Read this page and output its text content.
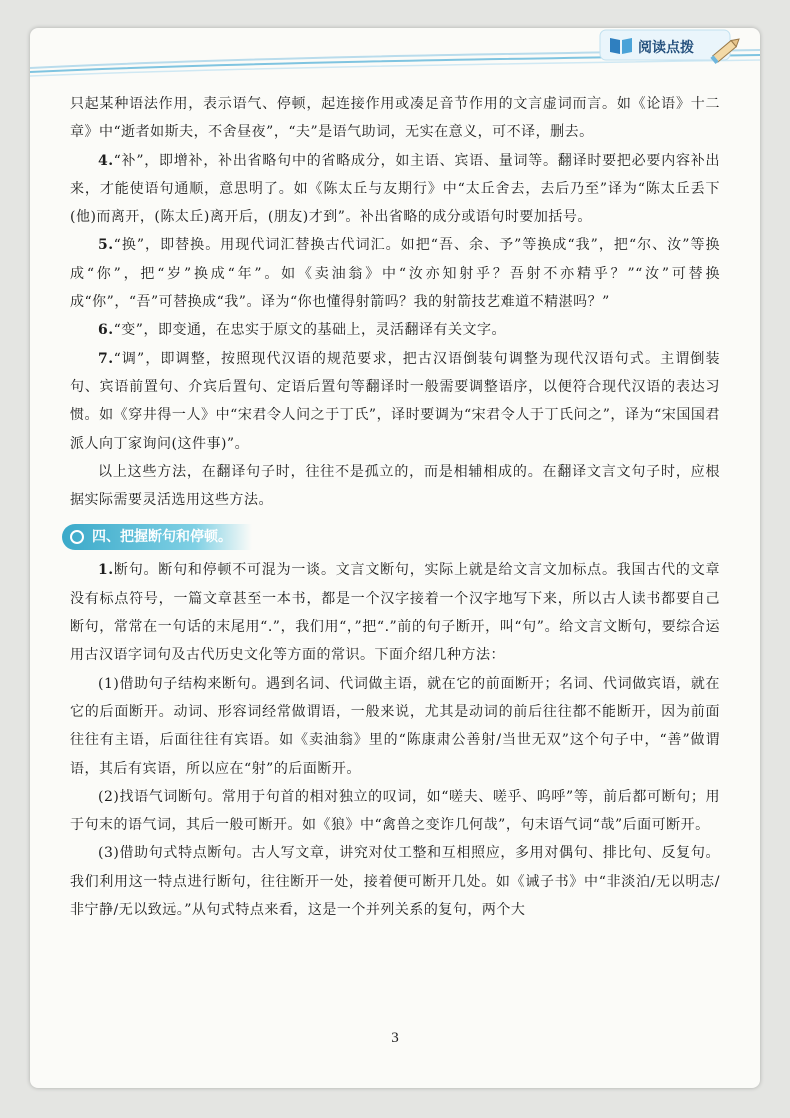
阅读点拨

只起某种语法作用，表示语气、停顿，起连接作用或凑足音节作用的文言虚词而言。如《论语》十二章》中“逝者如斯夫，不舍昼夜”，“夫”是语气助词，无实在意义，可不译，删去。

4.“补”，即增补，补出省略句中的省略成分，如主语、宾语、量词等。翻译时要把必要内容补出来，才能使语句通顺，意思明了。如《陈太丘与友期行》中“太丘舍去，去后乃至”译为“陈太丘丢下(他)而离开，(陈太丘)离开后，(朋友)才到”。补出省略的成分或语句时要加括号。

5.“换”，即替换。用现代词汇替换古代词汇。如把“吾、余、予”等换成“我”，把“尔、汝”等换成“你”，把“岁”换成“年”。如《卖油翁》中“汝亦知射乎？吾射不亦精乎？”“汝”可替换成“你”，“吾”可替换成“我”。译为“你也懂得射箭吗？我的射箭技艺难道不精湛吗？”

6.“变”，即变通，在忠实于原文的基础上，灵活翻译有关文字。

7.“调”，即调整，按照现代汉语的规范要求，把古汉语倒装句调整为现代汉语句式。主谓倒装句、宾语前置句、介宾后置句、定语后置句等翻译时一般需要调整语序，以便符合现代汉语的表达习惯。如《穿井得一人》中“宋君令人问之于丁氏”，译时要调为“宋君令人于丁氏问之”，译为“宋国国君派人向丁家询问(这件事)”。

以上这些方法，在翻译句子时，往往不是孤立的，而是相辅相成的。在翻译文言文句子时，应根据实际需要灵活选用这些方法。

四、把握断句和停顿。

1.断句。断句和停顿不可混为一谈。文言文断句，实际上就是给文言文加标点。我国古代的文章没有标点符号，一篇文章甚至一本书，都是一个汉字接着一个汉字地写下来，所以古人读书都要自己断句，常常在一句话的末尾用“.”，我们用“，”把“.”前的句子断开，叫“句”。给文言文断句，要综合运用古汉语字词句及古代历史文化等方面的常识。下面介绍几种方法：

(1)借助句子结构来断句。遇到名词、代词做主语，就在它的前面断开；名词、代词做宾语，就在它的后面断开。动词、形容词经常做谓语，一般来说，尤其是动词的前后往往都不能断开，因为前面往往有主语，后面往往有宾语。如《卖油翁》里的“陈康肃公善射/当世无双”这个句子中，“善”做谓语，其后有宾语，所以应在“射”的后面断开。

(2)找语气词断句。常用于句首的相对独立的叹词，如“嗟夫、嗟乎、呜呼”等，前后都可断句；用于句末的语气词，其后一般可断开。如《狼》中“禽兽之变诈几何哉”，句末语气词“哉”后面可断开。

(3)借助句式特点断句。古人写文章，讲究对仗工整和互相照应，多用对偶句、排比句、反复句。我们利用这一特点进行断句，往往断开一处，接着便可断开几处。如《诫子书》中“非淡泊/无以明志/非宁静/无以致远。”从句式特点来看，这是一个并列关系的复句，两个大

3
